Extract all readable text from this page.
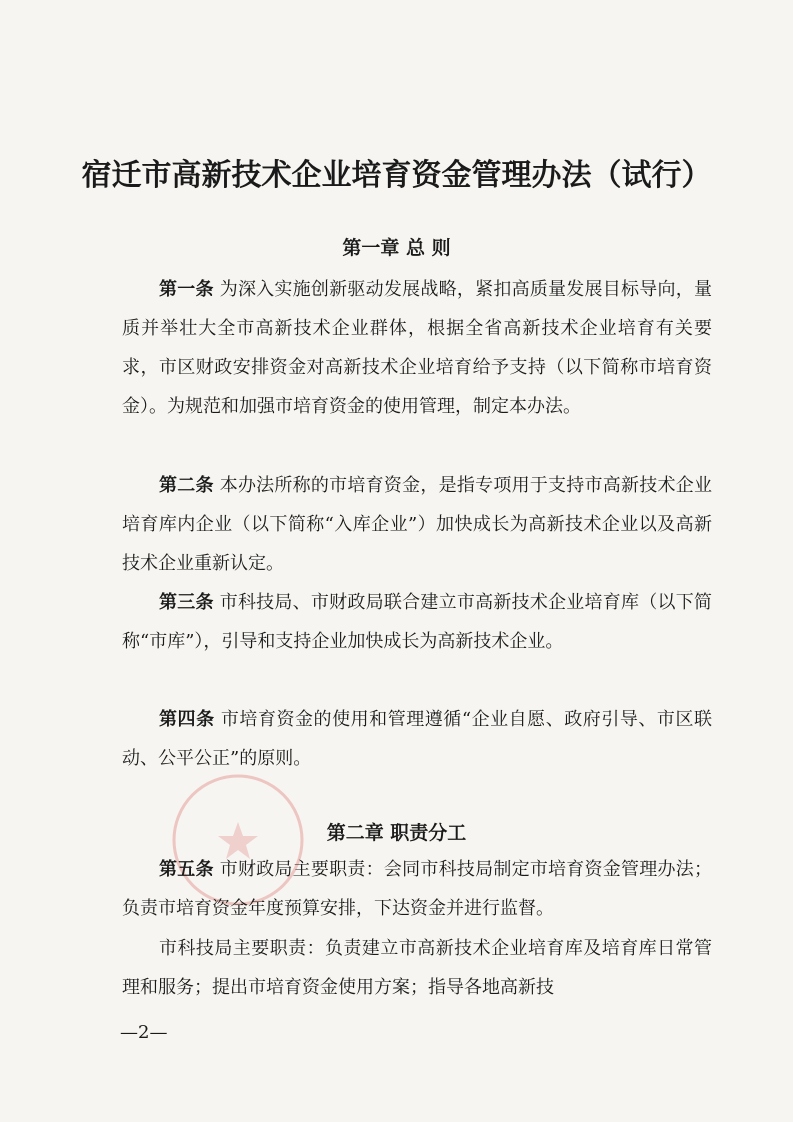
宿迁市高新技术企业培育资金管理办法（试行）
第一章 总 则

第一条 为深入实施创新驱动发展战略，紧扣高质量发展目标导向，量质并举壮大全市高新技术企业群体，根据全省高新技术企业培育有关要求，市区财政安排资金对高新技术企业培育给予支持（以下简称市培育资金）。为规范和加强市培育资金的使用管理，制定本办法。

第二条 本办法所称的市培育资金，是指专项用于支持市高新技术企业培育库内企业（以下简称“入库企业”）加快成长为高新技术企业以及高新技术企业重新认定。

第三条 市科技局、市财政局联合建立市高新技术企业培育库（以下简称“市库”），引导和支持企业加快成长为高新技术企业。

第四条 市培育资金的使用和管理遵循“企业自愿、政府引导、市区联动、公平公正”的原则。

第二章 职责分工

第五条 市财政局主要职责：会同市科技局制定市培育资金管理办法；负责市培育资金年度预算安排，下达资金并进行监督。

市科技局主要职责：负责建立市高新技术企业培育库及培育库日常管理和服务；提出市培育资金使用方案；指导各地高新技

—2—
